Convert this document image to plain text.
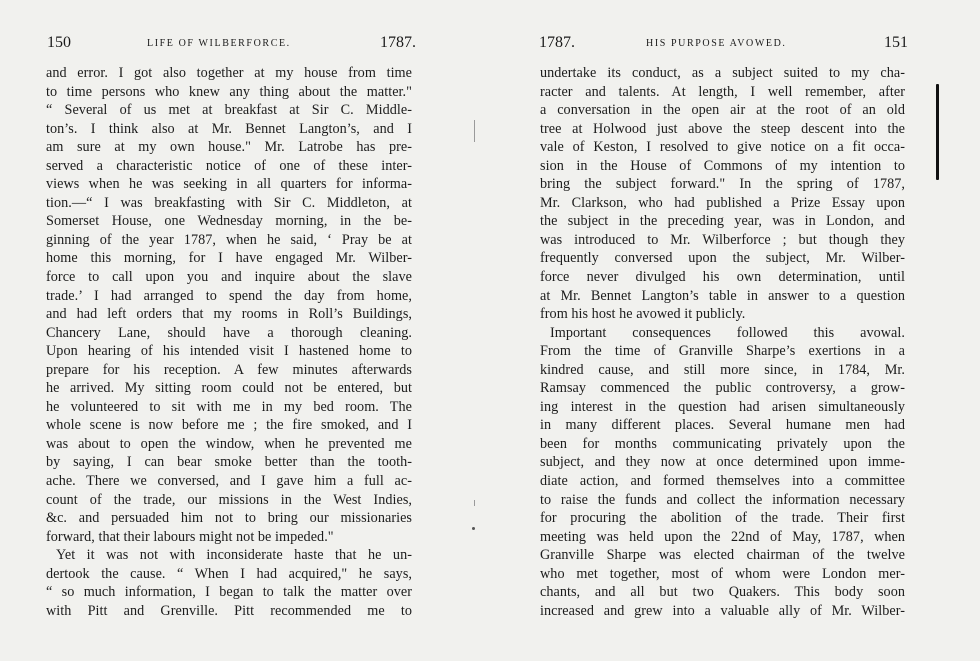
150	LIFE OF WILBERFORCE.	1787.
and error. I got also together at my house from time
to time persons who knew any thing about the matter."
“ Several of us met at breakfast at Sir C. Middle-
ton’s. I think also at Mr. Bennet Langton’s, and I
am sure at my own house." Mr. Latrobe has pre-
served a characteristic notice of one of these inter-
views when he was seeking in all quarters for informa-
tion.—“ I was breakfasting with Sir C. Middleton, at
Somerset House, one Wednesday morning, in the be-
ginning of the year 1787, when he said, ‘ Pray be at
home this morning, for I have engaged Mr. Wilber-
force to call upon you and inquire about the slave
trade.’ I had arranged to spend the day from home,
and had left orders that my rooms in Roll’s Buildings,
Chancery Lane, should have a thorough cleaning.
Upon hearing of his intended visit I hastened home to
prepare for his reception. A few minutes afterwards
he arrived. My sitting room could not be entered, but
he volunteered to sit with me in my bed room. The
whole scene is now before me ; the fire smoked, and I
was about to open the window, when he prevented me
by saying, I can bear smoke better than the tooth-
ache. There we conversed, and I gave him a full ac-
count of the trade, our missions in the West Indies,
&c. and persuaded him not to bring our missionaries
forward, that their labours might not be impeded."
Yet it was not with inconsiderate haste that he un-
dertook the cause. “ When I had acquired," he says,
“ so much information, I began to talk the matter over
with Pitt and Grenville. Pitt recommended me to
1787.	HIS PURPOSE AVOWED.	151
undertake its conduct, as a subject suited to my cha-
racter and talents. At length, I well remember, after
a conversation in the open air at the root of an old
tree at Holwood just above the steep descent into the
vale of Keston, I resolved to give notice on a fit occa-
sion in the House of Commons of my intention to
bring the subject forward." In the spring of 1787,
Mr. Clarkson, who had published a Prize Essay upon
the subject in the preceding year, was in London, and
was introduced to Mr. Wilberforce ; but though they
frequently conversed upon the subject, Mr. Wilber-
force never divulged his own determination, until
at Mr. Bennet Langton’s table in answer to a question
from his host he avowed it publicly.
Important consequences followed this avowal.
From the time of Granville Sharpe’s exertions in a
kindred cause, and still more since, in 1784, Mr.
Ramsay commenced the public controversy, a grow-
ing interest in the question had arisen simultaneously
in many different places. Several humane men had
been for months communicating privately upon the
subject, and they now at once determined upon imme-
diate action, and formed themselves into a committee
to raise the funds and collect the information necessary
for procuring the abolition of the trade. Their first
meeting was held upon the 22nd of May, 1787, when
Granville Sharpe was elected chairman of the twelve
who met together, most of whom were London mer-
chants, and all but two Quakers. This body soon
increased and grew into a valuable ally of Mr. Wilber-
